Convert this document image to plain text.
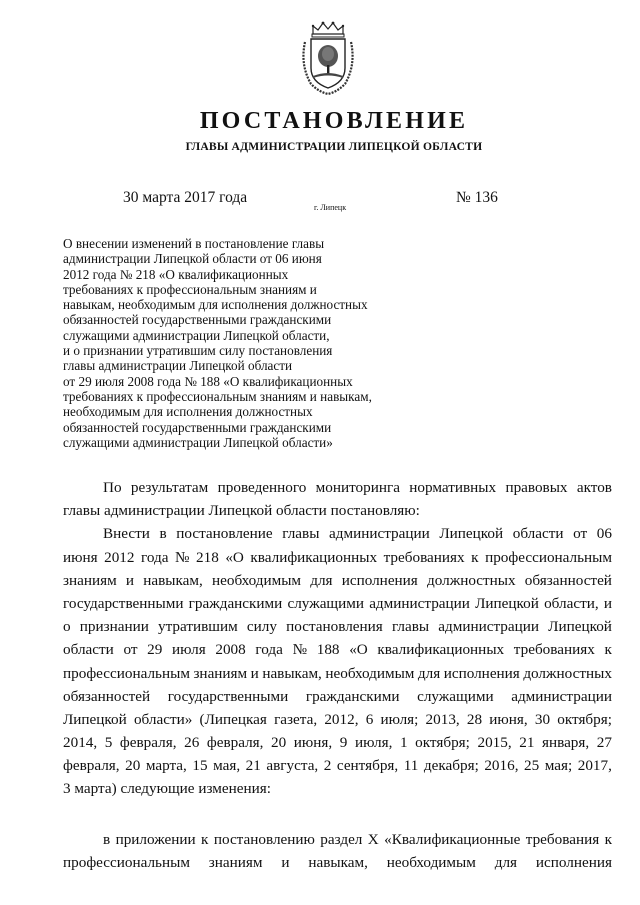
ПОСТАНОВЛЕНИЕ
ГЛАВЫ АДМИНИСТРАЦИИ ЛИПЕЦКОЙ ОБЛАСТИ
30 марта 2017 года
г. Липецк
№ 136
О внесении изменений в постановление главы
администрации Липецкой области от 06 июня
2012 года № 218 «О квалификационных
требованиях к профессиональным знаниям и
навыкам, необходимым для исполнения должностных
обязанностей государственными гражданскими
служащими администрации Липецкой области,
и о признании утратившим силу постановления
главы администрации Липецкой области
от 29 июля 2008 года № 188 «О квалификационных
требованиях к профессиональным знаниям и навыкам,
необходимым для исполнения должностных
обязанностей государственными гражданскими
служащими администрации Липецкой области»
По результатам проведенного мониторинга нормативных правовых актов
главы администрации Липецкой области постановляю:
Внести в постановление главы администрации Липецкой области от 06
июня 2012 года № 218 «О квалификационных требованиях к профессиональным
знаниям и навыкам, необходимым для исполнения должностных обязанностей
государственными гражданскими служащими администрации Липецкой области, и
о признании утратившим силу постановления главы администрации Липецкой
области от 29 июля 2008 года № 188 «О квалификационных требованиях к
профессиональным знаниям и навыкам, необходимым для исполнения должностных
обязанностей государственными гражданскими служащими администрации
Липецкой области» (Липецкая газета, 2012, 6 июля; 2013, 28 июня, 30 октября;
2014, 5 февраля, 26 февраля, 20 июня, 9 июля, 1 октября; 2015, 21 января, 27
февраля, 20 марта, 15 мая, 21 августа, 2 сентября, 11 декабря; 2016, 25 мая; 2017,
3 марта) следующие изменения:
в приложении к постановлению раздел X «Квалификационные требования к
профессиональным знаниям и навыкам, необходимым для исполнения
